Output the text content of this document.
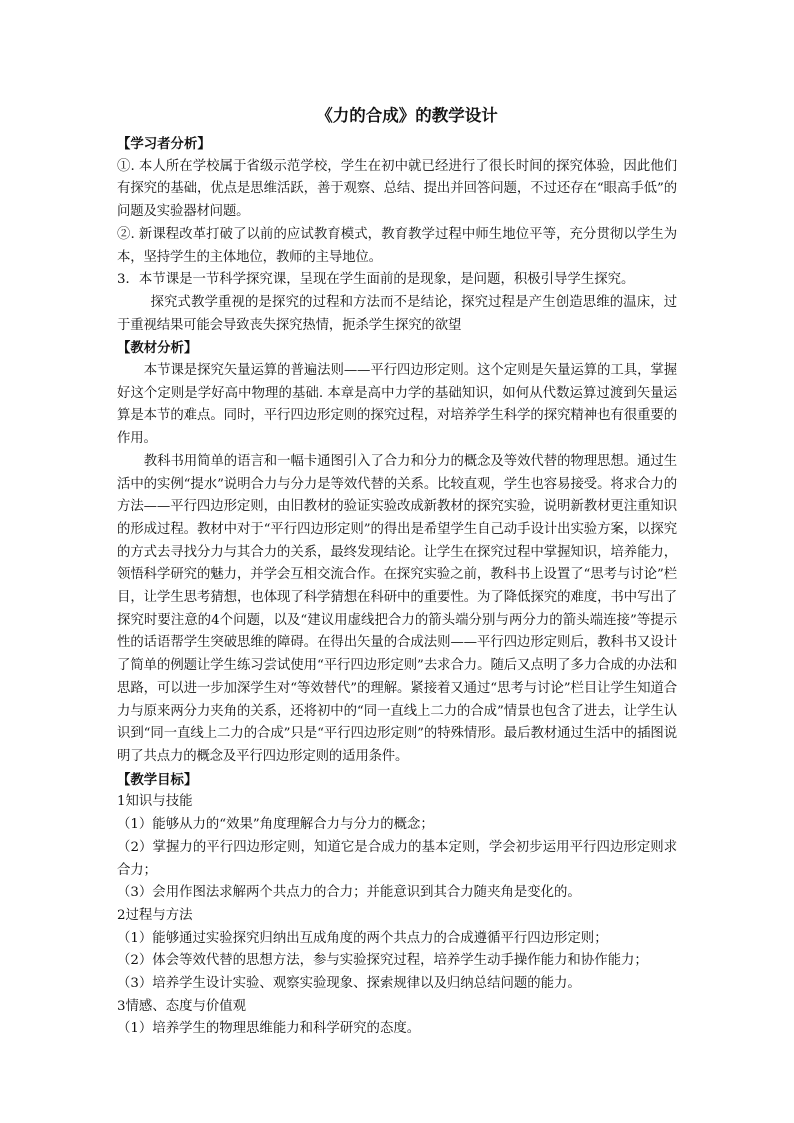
《力的合成》的教学设计

【学习者分析】

①. 本人所在学校属于省级示范学校，学生在初中就已经进行了很长时间的探究体验，因此他们有探究的基础，优点是思维活跃，善于观察、总结、提出并回答问题，不过还存在“眼高手低”的问题及实验器材问题。

②. 新课程改革打破了以前的应试教育模式，教育教学过程中师生地位平等，充分贯彻以学生为本，坚持学生的主体地位，教师的主导地位。

3．本节课是一节科学探究课，呈现在学生面前的是现象，是问题，积极引导学生探究。

探究式教学重视的是探究的过程和方法而不是结论，探究过程是产生创造思维的温床，过于重视结果可能会导致丧失探究热情，扼杀学生探究的欲望

【教材分析】

本节课是探究矢量运算的普遍法则——平行四边形定则。这个定则是矢量运算的工具，掌握好这个定则是学好高中物理的基础. 本章是高中力学的基础知识，如何从代数运算过渡到矢量运算是本节的难点。同时，平行四边形定则的探究过程，对培养学生科学的探究精神也有很重要的作用。

教科书用简单的语言和一幅卡通图引入了合力和分力的概念及等效代替的物理思想。通过生活中的实例“提水”说明合力与分力是等效代替的关系。比较直观，学生也容易接受。将求合力的方法——平行四边形定则，由旧教材的验证实验改成新教材的探究实验，说明新教材更注重知识的形成过程。教材中对于“平行四边形定则”的得出是希望学生自己动手设计出实验方案，以探究的方式去寻找分力与其合力的关系，最终发现结论。让学生在探究过程中掌握知识，培养能力，领悟科学研究的魅力，并学会互相交流合作。在探究实验之前，教科书上设置了“思考与讨论”栏目，让学生思考猜想，也体现了科学猜想在科研中的重要性。为了降低探究的难度，书中写出了探究时要注意的4个问题，以及“建议用虚线把合力的箭头端分别与两分力的箭头端连接”等提示性的话语帮学生突破思维的障碍。在得出矢量的合成法则——平行四边形定则后，教科书又设计了简单的例题让学生练习尝试使用“平行四边形定则”去求合力。随后又点明了多力合成的办法和思路，可以进一步加深学生对“等效替代”的理解。紧接着又通过“思考与讨论”栏目让学生知道合力与原来两分力夹角的关系，还将初中的“同一直线上二力的合成”情景也包含了进去，让学生认识到“同一直线上二力的合成”只是“平行四边形定则”的特殊情形。最后教材通过生活中的插图说明了共点力的概念及平行四边形定则的适用条件。

【教学目标】

1知识与技能

（1）能够从力的“效果”角度理解合力与分力的概念；

（2）掌握力的平行四边形定则，知道它是合成力的基本定则，学会初步运用平行四边形定则求合力；

（3）会用作图法求解两个共点力的合力；并能意识到其合力随夹角是变化的。

2过程与方法

（1）能够通过实验探究归纳出互成角度的两个共点力的合成遵循平行四边形定则；

（2）体会等效代替的思想方法，参与实验探究过程，培养学生动手操作能力和协作能力；

（3）培养学生设计实验、观察实验现象、探索规律以及归纳总结问题的能力。

3情感、态度与价值观

（1）培养学生的物理思维能力和科学研究的态度。
